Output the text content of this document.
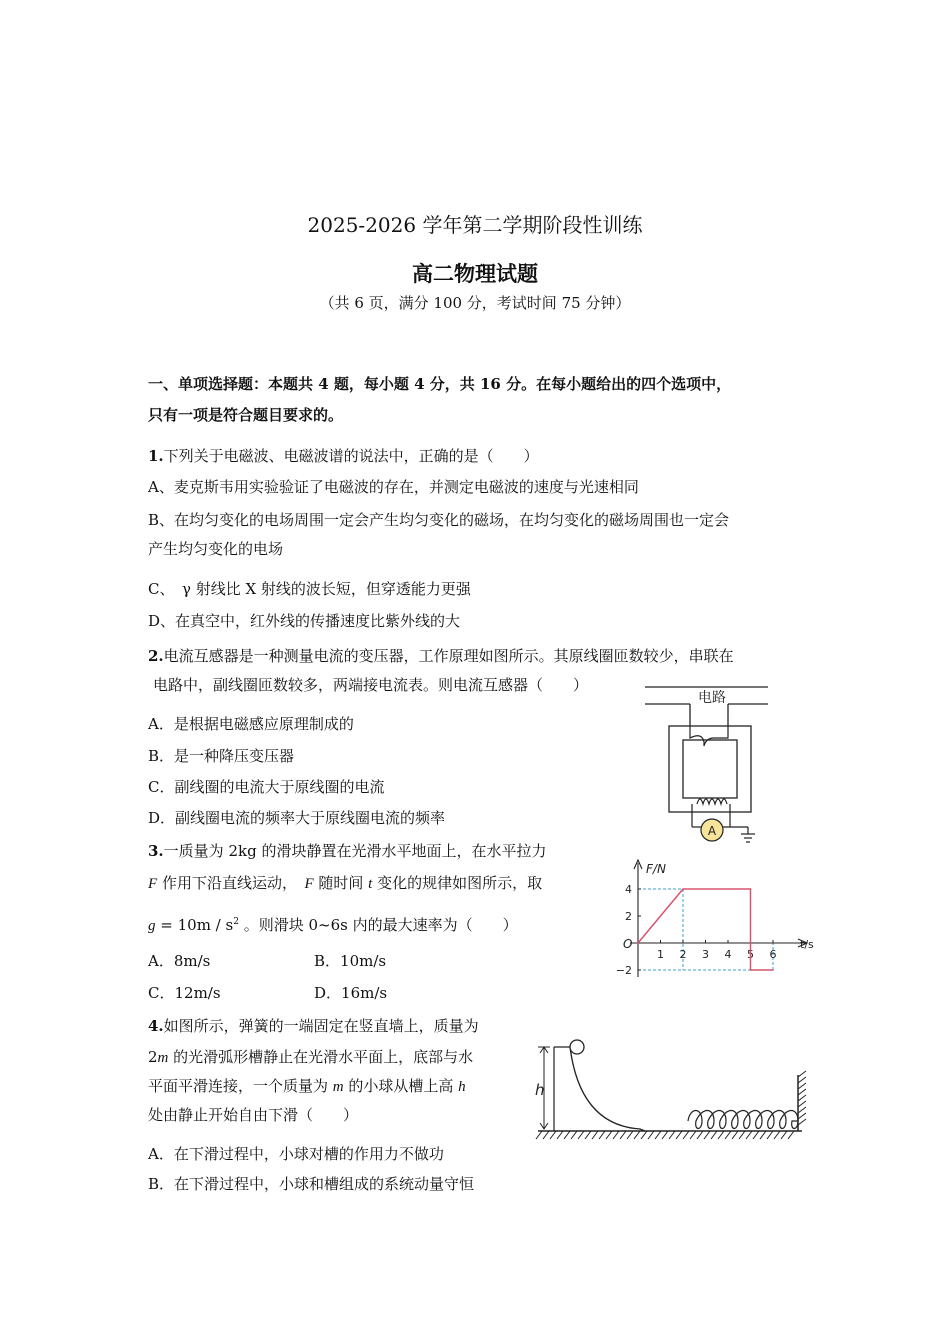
2025-2026 学年第二学期阶段性训练
高二物理试题
（共 6 页，满分 100 分，考试时间 75 分钟）
一、单项选择题：本题共 4 题，每小题 4 分，共 16 分。在每小题给出的四个选项中，
只有一项是符合题目要求的。
1.下列关于电磁波、电磁波谱的说法中，正确的是（　　）
A、麦克斯韦用实验验证了电磁波的存在，并测定电磁波的速度与光速相同
B、在均匀变化的电场周围一定会产生均匀变化的磁场，在均匀变化的磁场周围也一定会
产生均匀变化的电场
C、　γ 射线比 X 射线的波长短，但穿透能力更强
D、在真空中，红外线的传播速度比紫外线的大
2.电流互感器是一种测量电流的变压器，工作原理如图所示。其原线圈匝数较少，串联在
电路中，副线圈匝数较多，两端接电流表。则电流互感器（　　）
A．是根据电磁感应原理制成的
B．是一种降压变压器
C．副线圈的电流大于原线圈的电流
D．副线圈电流的频率大于原线圈电流的频率
电路
A
3.一质量为 2kg 的滑块静置在光滑水平地面上，在水平拉力
F 作用下沿直线运动，　F 随时间 t 变化的规律如图所示，取
$g = 10m / s^2$ 。则滑块 0~6s 内的最大速率为（　　）
A．8m/s	B．10m/s
C．12m/s	D．16m/s
F/N
t/s
O
1 2 3 4 5 6
4
2
−2
4.如图所示，弹簧的一端固定在竖直墙上，质量为
2m 的光滑弧形槽静止在光滑水平面上，底部与水
平面平滑连接，一个质量为 m 的小球从槽上高 h
处由静止开始自由下滑（　　）
A．在下滑过程中，小球对槽的作用力不做功
B．在下滑过程中，小球和槽组成的系统动量守恒
h
